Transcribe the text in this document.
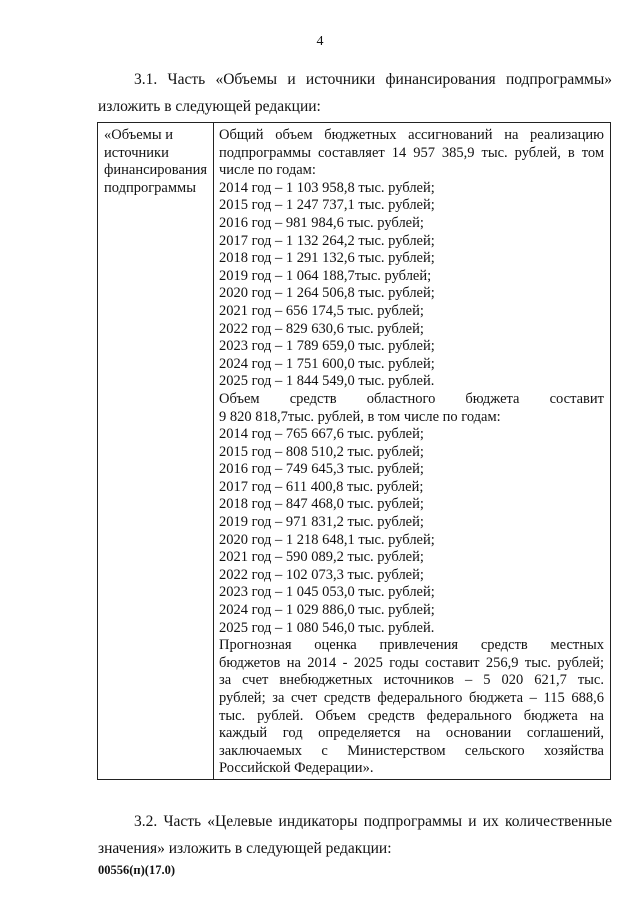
4
3.1. Часть «Объемы и источники финансирования подпрограммы»
изложить в следующей редакции:
«Объемы и
источники
финансирования
подпрограммы
Общий объем бюджетных ассигнований на реализацию
подпрограммы составляет 14 957 385,9 тыс. рублей, в том
числе по годам:
2014 год – 1 103 958,8 тыс. рублей;
2015 год – 1 247 737,1 тыс. рублей;
2016 год – 981 984,6 тыс. рублей;
2017 год – 1 132 264,2 тыс. рублей;
2018 год – 1 291 132,6 тыс. рублей;
2019 год – 1 064 188,7тыс. рублей;
2020 год – 1 264 506,8 тыс. рублей;
2021 год – 656 174,5 тыс. рублей;
2022 год – 829 630,6 тыс. рублей;
2023 год – 1 789 659,0 тыс. рублей;
2024 год – 1 751 600,0 тыс. рублей;
2025 год – 1 844 549,0 тыс. рублей.
Объем средств областного бюджета составит
9 820 818,7тыс. рублей, в том числе по годам:
2014 год – 765 667,6 тыс. рублей;
2015 год – 808 510,2 тыс. рублей;
2016 год – 749 645,3 тыс. рублей;
2017 год – 611 400,8 тыс. рублей;
2018 год – 847 468,0 тыс. рублей;
2019 год – 971 831,2 тыс. рублей;
2020 год – 1 218 648,1 тыс. рублей;
2021 год – 590 089,2 тыс. рублей;
2022 год – 102 073,3 тыс. рублей;
2023 год – 1 045 053,0 тыс. рублей;
2024 год – 1 029 886,0 тыс. рублей;
2025 год – 1 080 546,0 тыс. рублей.
Прогнозная оценка привлечения средств местных
бюджетов на 2014 - 2025 годы составит 256,9 тыс. рублей;
за счет внебюджетных источников – 5 020 621,7 тыс.
рублей; за счет средств федерального бюджета – 115 688,6
тыс. рублей. Объем средств федерального бюджета на
каждый год определяется на основании соглашений,
заключаемых с Министерством сельского хозяйства
Российской Федерации».
3.2. Часть «Целевые индикаторы подпрограммы и их количественные
значения» изложить в следующей редакции:
00556(п)(17.0)
